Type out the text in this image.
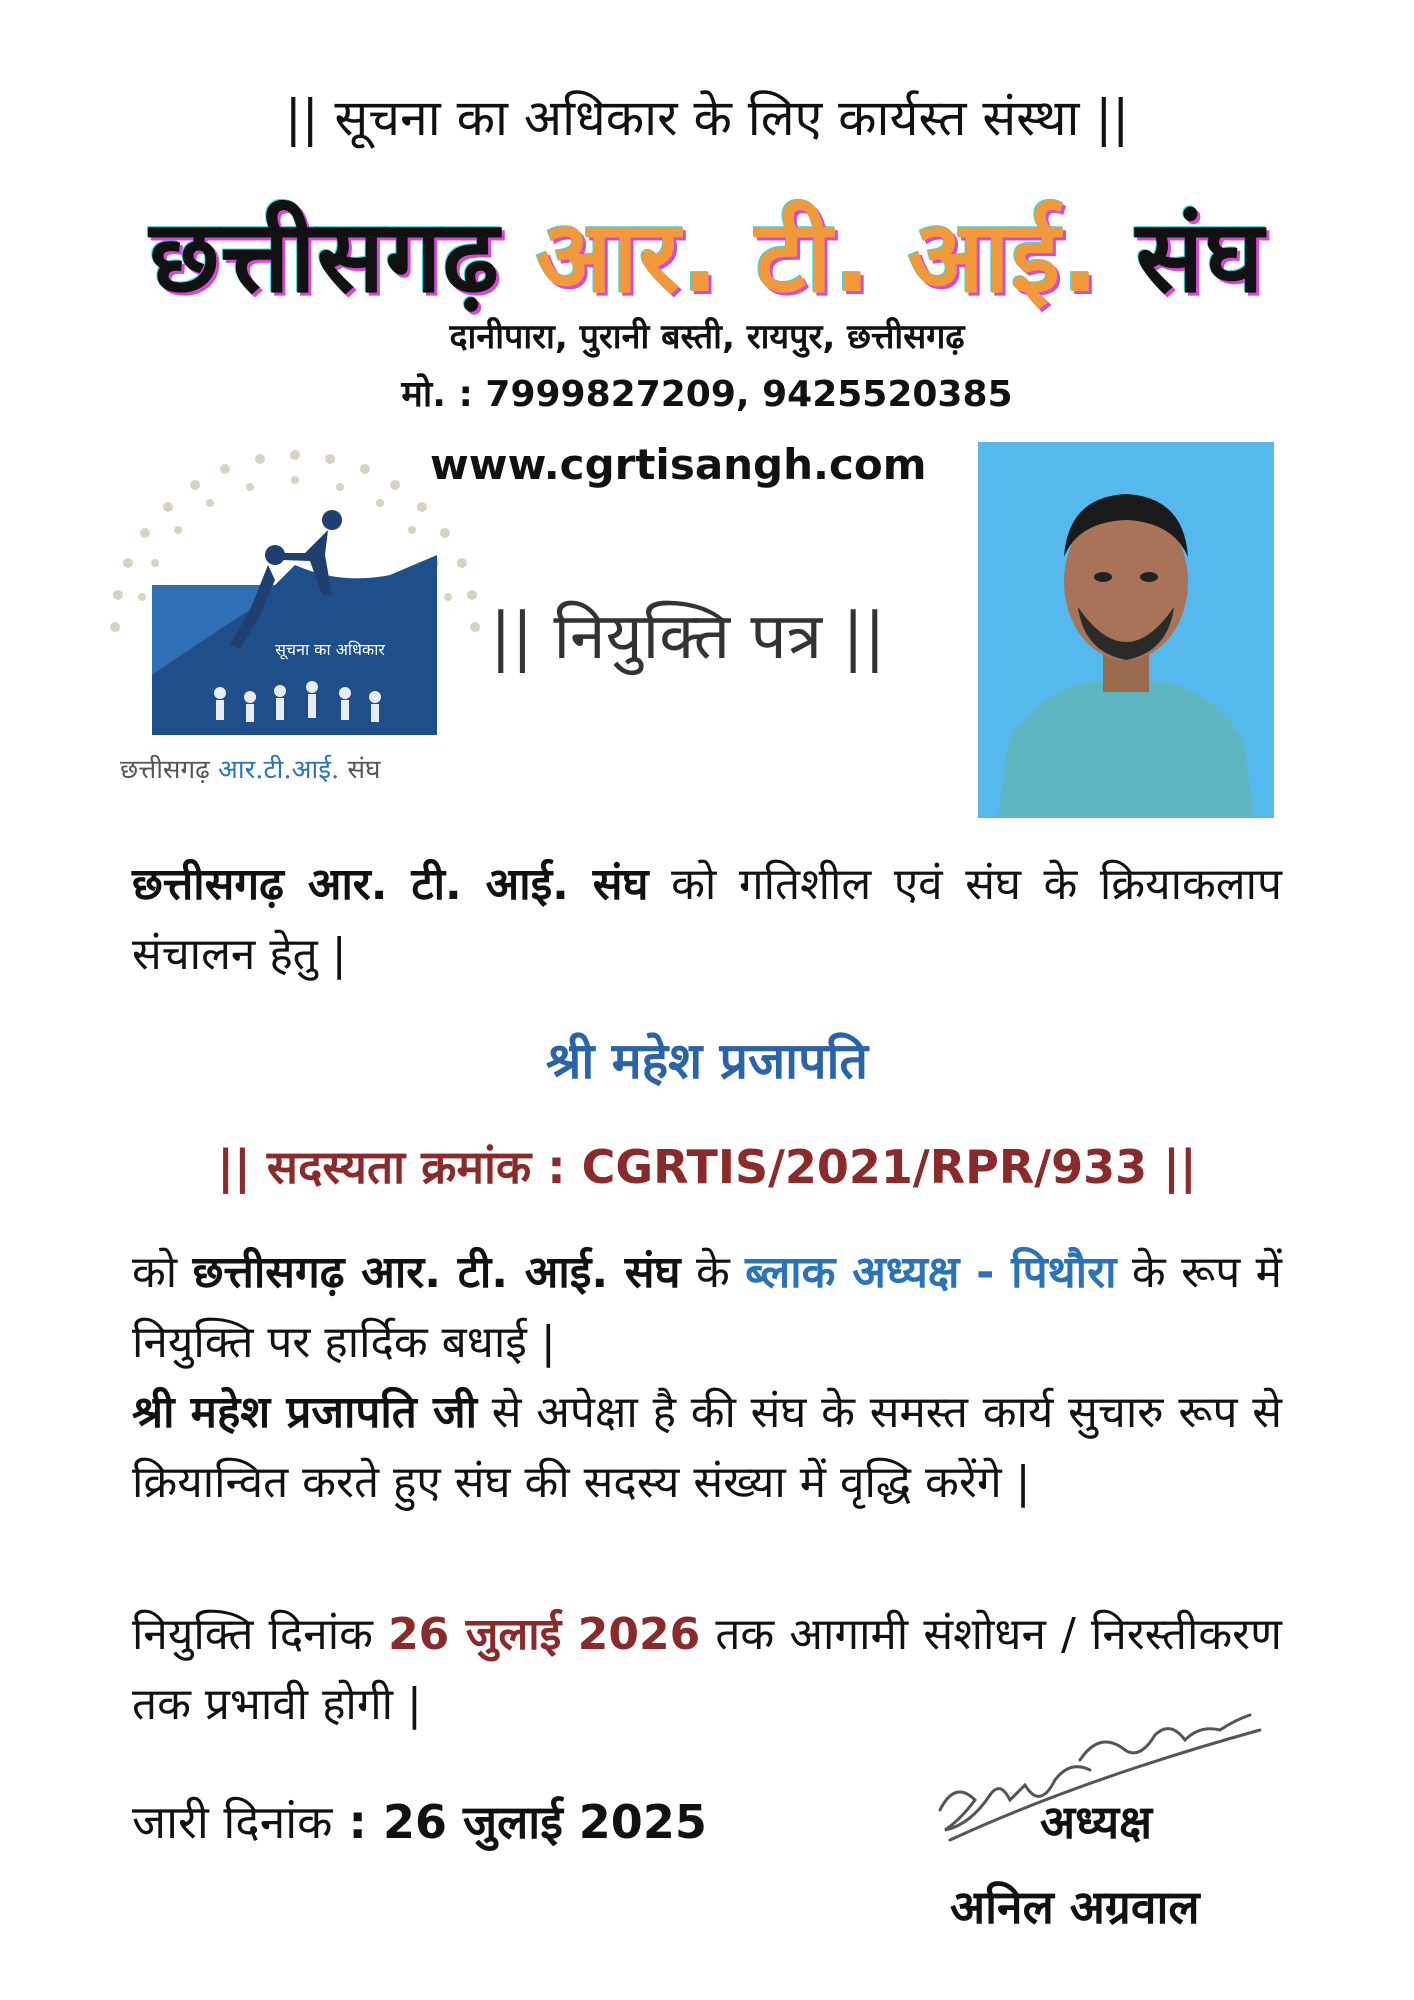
|| सूचना का अधिकार के लिए कार्यस्त संस्था ||
छत्तीसगढ़ आर. टी. आई. संघ
दानीपारा, पुरानी बस्ती, रायपुर, छत्तीसगढ़
मो. : 7999827209, 9425520385
www.cgrtisangh.com
सूचना का अधिकार
छत्तीसगढ़ आर.टी.आई. संघ
|| नियुक्ति पत्र ||
छत्तीसगढ़ आर. टी. आई. संघ को गतिशील एवं संघ के क्रियाकलाप संचालन हेतु |
श्री महेश प्रजापति
|| सदस्यता क्रमांक : CGRTIS/2021/RPR/933 ||
को छत्तीसगढ़ आर. टी. आई. संघ के ब्लाक अध्यक्ष - पिथौरा के रूप में नियुक्ति पर हार्दिक बधाई |
श्री महेश प्रजापति जी से अपेक्षा है की संघ के समस्त कार्य सुचारु रूप से क्रियान्वित करते हुए संघ की सदस्य संख्या में वृद्धि करेंगे |
नियुक्ति दिनांक 26 जुलाई 2026 तक आगामी संशोधन / निरस्तीकरण तक प्रभावी होगी |
जारी दिनांक : 26 जुलाई 2025	अध्यक्ष
अनिल अग्रवाल
